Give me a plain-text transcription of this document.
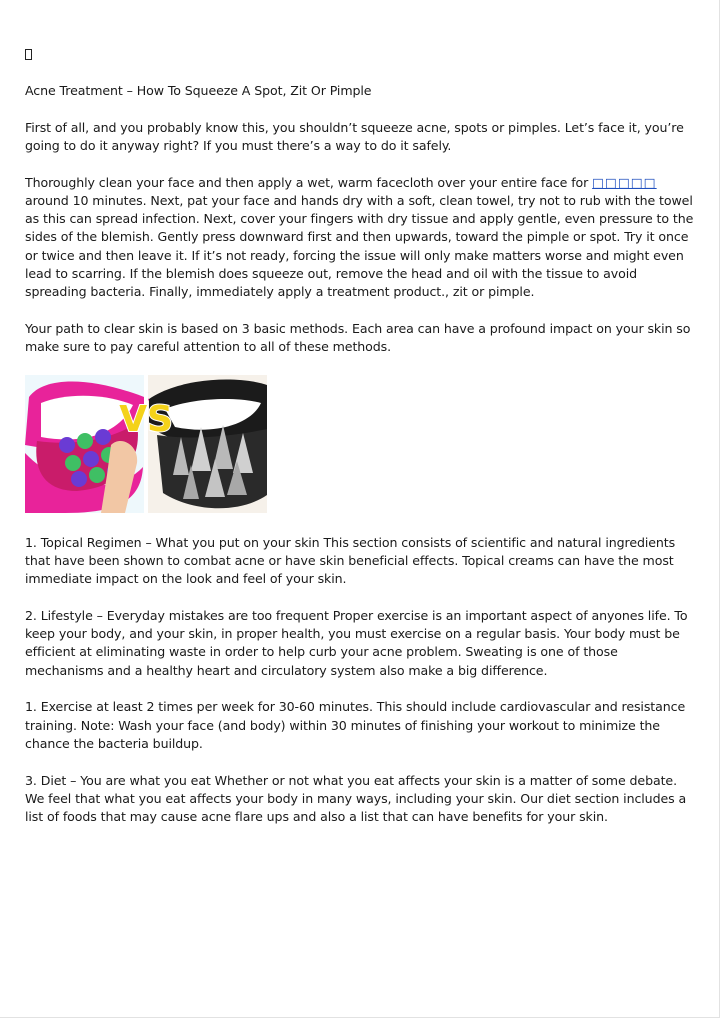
Acne Treatment – How To Squeeze A Spot, Zit Or Pimple

First of all, and you probably know this, you shouldn’t squeeze acne, spots or pimples. Let’s face it, you’re going to do it anyway right? If you must there’s a way to do it safely.

Thoroughly clean your face and then apply a wet, warm facecloth over your entire face for □□□□□ around 10 minutes. Next, pat your face and hands dry with a soft, clean towel, try not to rub with the towel as this can spread infection. Next, cover your fingers with dry tissue and apply gentle, even pressure to the sides of the blemish. Gently press downward first and then upwards, toward the pimple or spot. Try it once or twice and then leave it. If it’s not ready, forcing the issue will only make matters worse and might even lead to scarring. If the blemish does squeeze out, remove the head and oil with the tissue to avoid spreading bacteria. Finally, immediately apply a treatment product., zit or pimple.

Your path to clear skin is based on 3 basic methods. Each area can have a profound impact on your skin so make sure to pay careful attention to all of these methods.

VS

1. Topical Regimen – What you put on your skin This section consists of scientific and natural ingredients that have been shown to combat acne or have skin beneficial effects. Topical creams can have the most immediate impact on the look and feel of your skin.

2. Lifestyle – Everyday mistakes are too frequent Proper exercise is an important aspect of anyones life. To keep your body, and your skin, in proper health, you must exercise on a regular basis. Your body must be efficient at eliminating waste in order to help curb your acne problem. Sweating is one of those mechanisms and a healthy heart and circulatory system also make a big difference.

1. Exercise at least 2 times per week for 30-60 minutes. This should include cardiovascular and resistance training. Note: Wash your face (and body) within 30 minutes of finishing your workout to minimize the chance the bacteria buildup.

3. Diet – You are what you eat Whether or not what you eat affects your skin is a matter of some debate. We feel that what you eat affects your body in many ways, including your skin. Our diet section includes a list of foods that may cause acne flare ups and also a list that can have benefits for your skin.
